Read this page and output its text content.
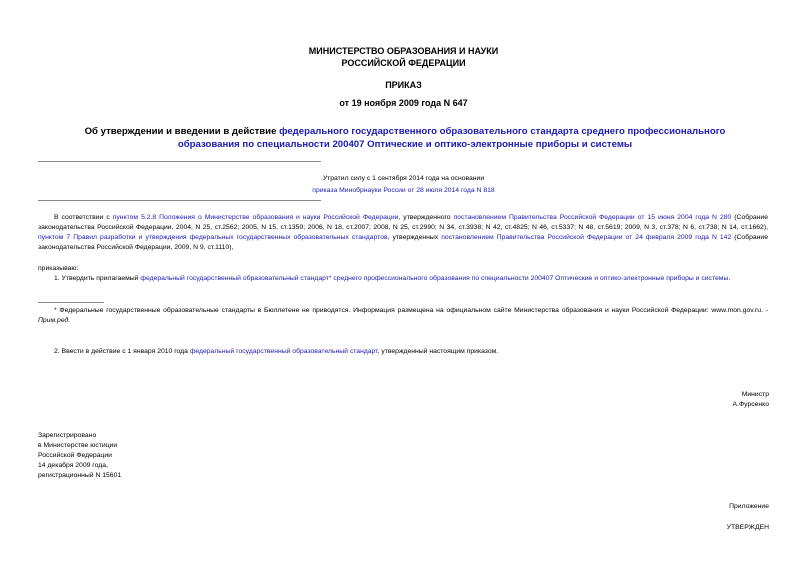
МИНИСТЕРСТВО ОБРАЗОВАНИЯ И НАУКИ
РОССИЙСКОЙ ФЕДЕРАЦИИ
ПРИКАЗ
от 19 ноября 2009 года N 647
Об утверждении и введении в действие федерального государственного образовательного стандарта среднего профессионального образования по специальности 200407 Оптические и оптико-электронные приборы и системы
Утратил силу с 1 сентября 2014 года на основании
приказа Минобрнауки России от 28 июля 2014 года N 818
В соответствии с пунктом 5.2.8 Положения о Министерстве образования и науки Российской Федерации, утвержденного постановлением Правительства Российской Федерации от 15 июня 2004 года N 280 (Собрание законодательства Российской Федерации, 2004, N 25, ст.2562; 2005, N 15, ст.1350; 2006, N 18, ст.2007; 2008, N 25, ст.2990; N 34, ст.3938; N 42, ст.4825; N 46, ст.5337; N 48, ст.5619; 2009, N 3, ст.378; N 6, ст.738; N 14, ст.1662), пунктом 7 Правил разработки и утверждения федеральных государственных образовательных стандартов, утвержденных постановлением Правительства Российской Федерации от 24 февраля 2009 года N 142 (Собрание законодательства Российской Федерации, 2009, N 9, ст.1110),
приказываю:
1. Утвердить прилагаемый федеральный государственный образовательный стандарт* среднего профессионального образования по специальности 200407 Оптические и оптико-электронные приборы и системы.
* Федеральные государственные образовательные стандарты в Бюллетене не приводятся. Информация размещена на официальном сайте Министерства образования и науки Российской Федерации: www.mon.gov.ru. - Прим.ред.
2. Ввести в действие с 1 января 2010 года федеральный государственный образовательный стандарт, утвержденный настоящим приказом.
Министр
А.Фурсенко
Зарегистрировано
в Министерстве юстиции
Российской Федерации
14 декабря 2009 года,
регистрационный N 15601
Приложение
УТВЕРЖДЕН
